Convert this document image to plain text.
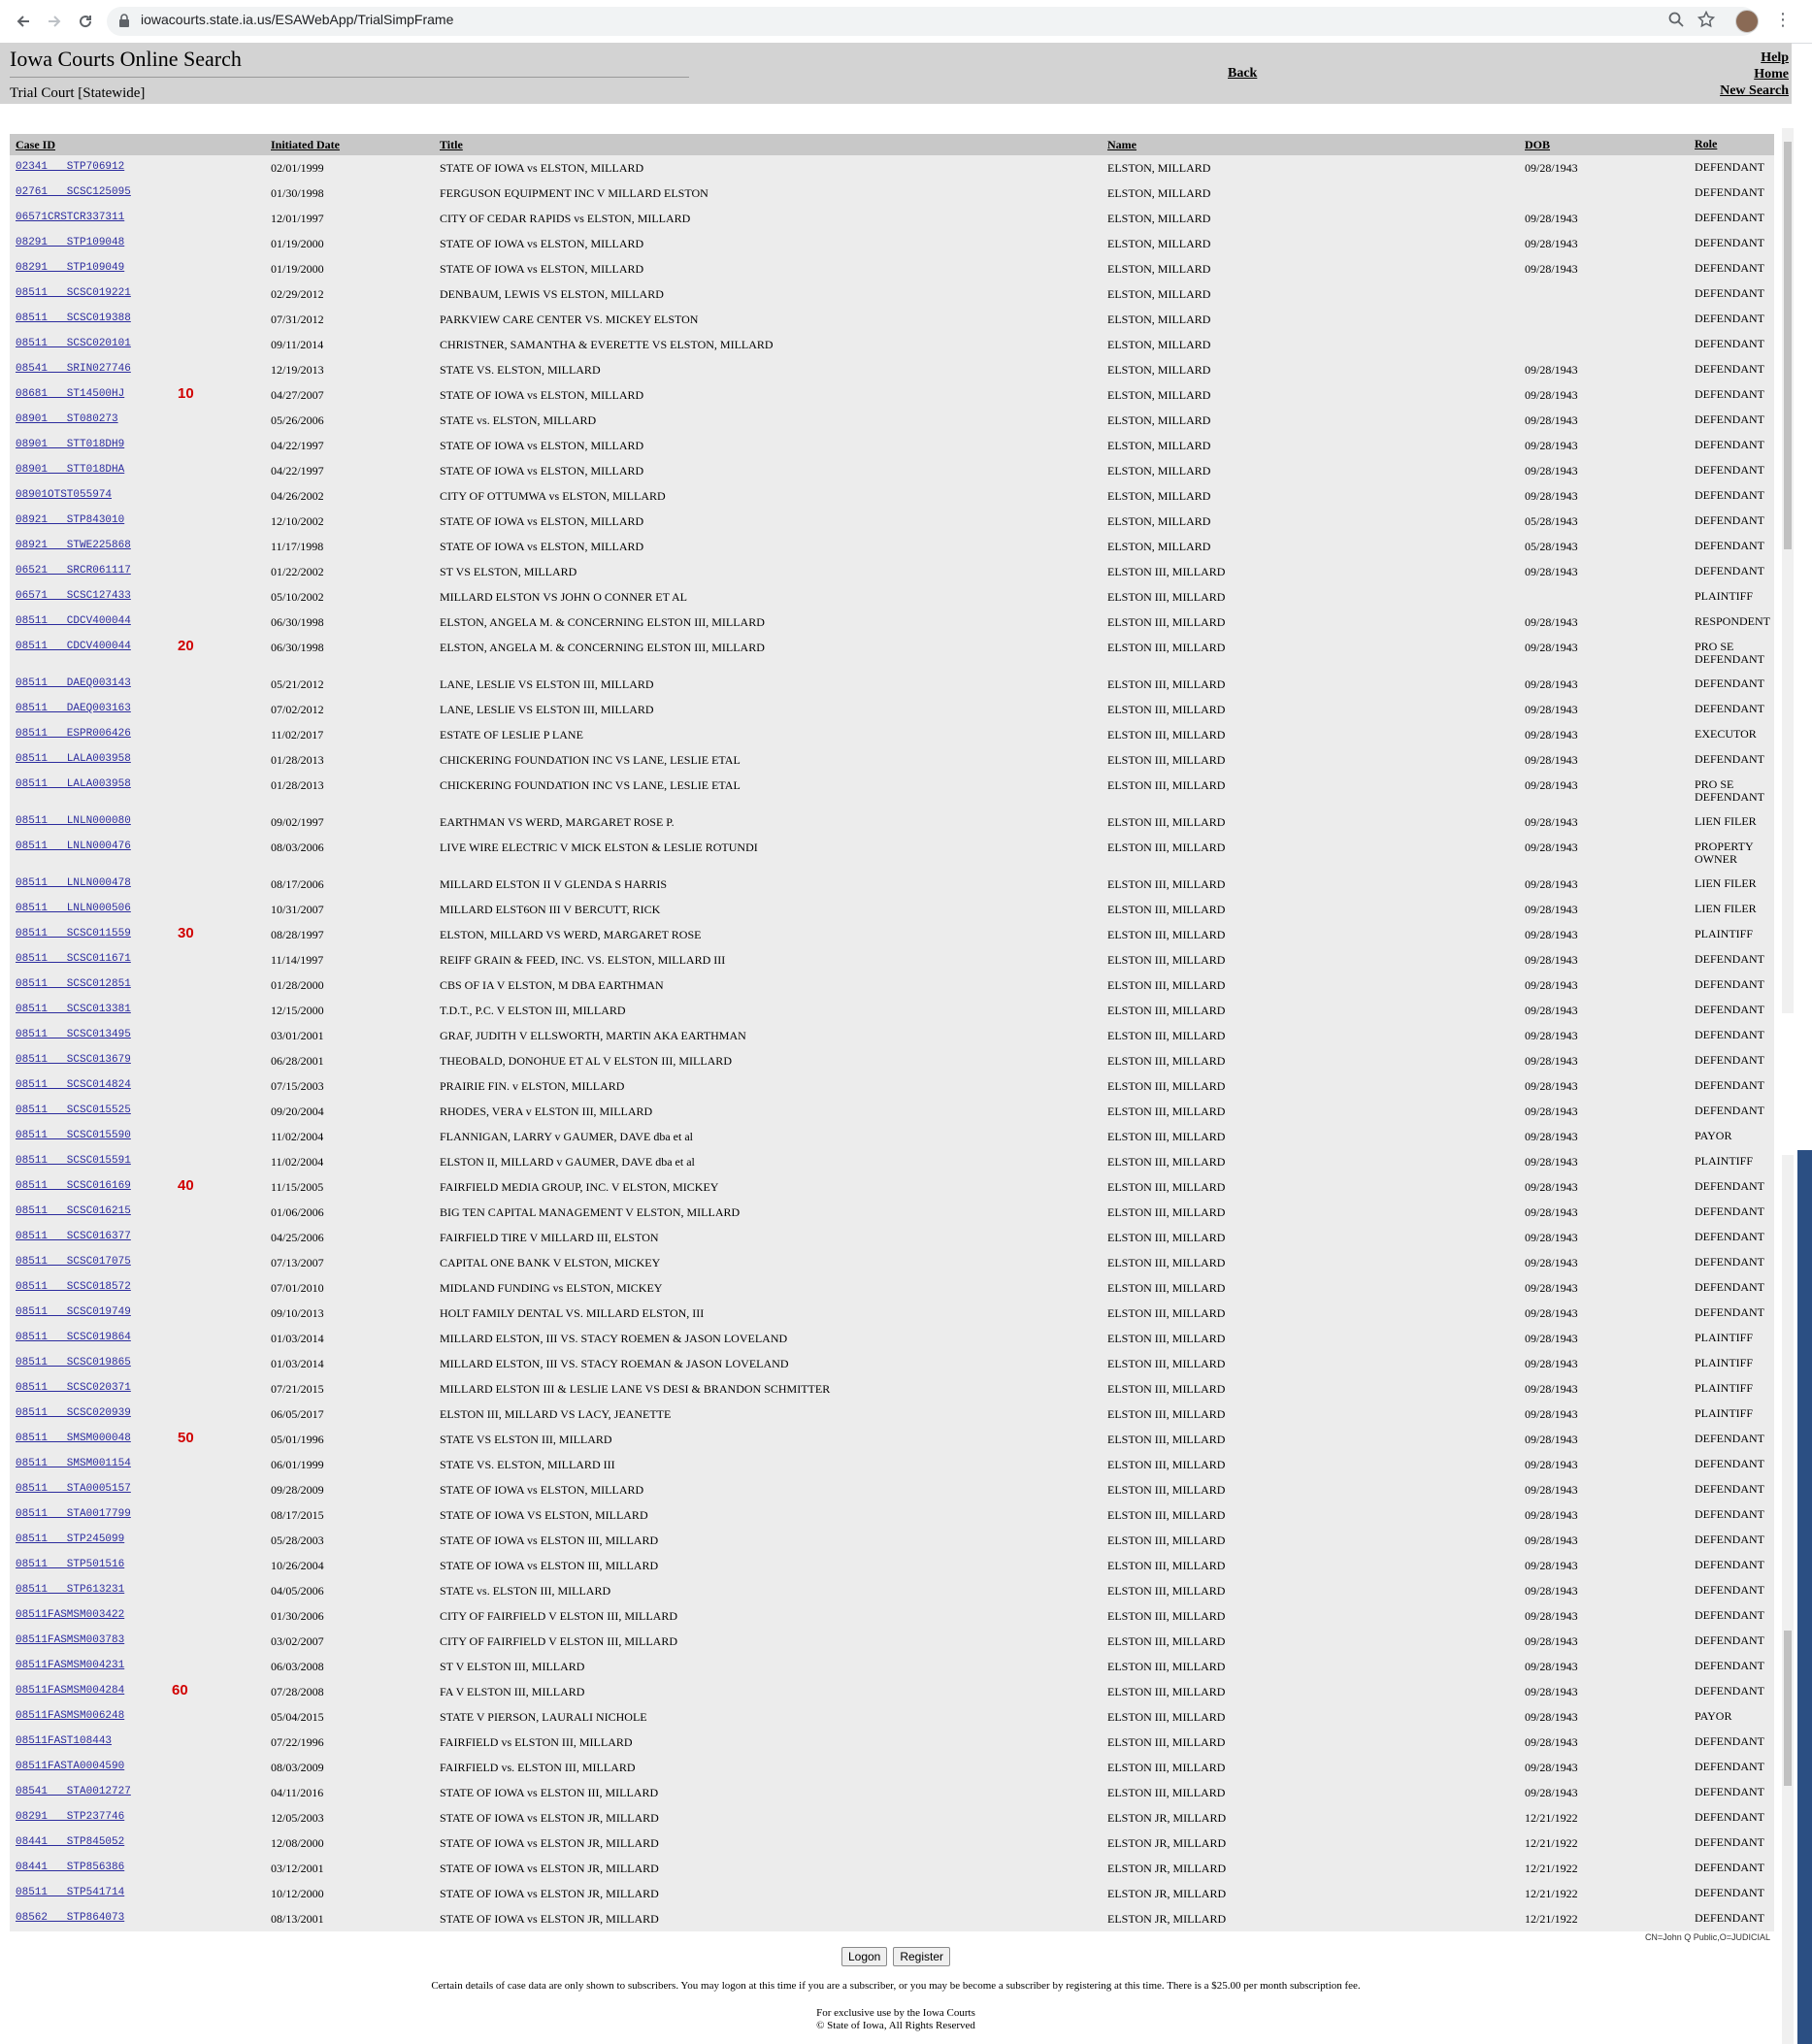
iowacourts.state.ia.us/ESAWebApp/TrialSimpFrame	⋮
Iowa Courts Online Search
Trial Court [Statewide]
Back
Help
Home
New Search
Case ID	Initiated Date	Title	Name	DOB	Role
02341   STP706912	02/01/1999	STATE OF IOWA vs ELSTON, MILLARD	ELSTON, MILLARD	09/28/1943	DEFENDANT
02761   SCSC125095	01/30/1998	FERGUSON EQUIPMENT INC V MILLARD ELSTON	ELSTON, MILLARD	DEFENDANT
06571CRSTCR337311	12/01/1997	CITY OF CEDAR RAPIDS vs ELSTON, MILLARD	ELSTON, MILLARD	09/28/1943	DEFENDANT
08291   STP109048	01/19/2000	STATE OF IOWA vs ELSTON, MILLARD	ELSTON, MILLARD	09/28/1943	DEFENDANT
08291   STP109049	01/19/2000	STATE OF IOWA vs ELSTON, MILLARD	ELSTON, MILLARD	09/28/1943	DEFENDANT
08511   SCSC019221	02/29/2012	DENBAUM, LEWIS VS ELSTON, MILLARD	ELSTON, MILLARD	DEFENDANT
08511   SCSC019388	07/31/2012	PARKVIEW CARE CENTER VS. MICKEY ELSTON	ELSTON, MILLARD	DEFENDANT
08511   SCSC020101	09/11/2014	CHRISTNER, SAMANTHA & EVERETTE VS ELSTON, MILLARD	ELSTON, MILLARD	DEFENDANT
08541   SRIN027746	12/19/2013	STATE VS. ELSTON, MILLARD	ELSTON, MILLARD	09/28/1943	DEFENDANT
08681   ST14500HJ	04/27/2007	STATE OF IOWA vs ELSTON, MILLARD	ELSTON, MILLARD	09/28/1943	DEFENDANT
10
08901   ST080273	05/26/2006	STATE vs. ELSTON, MILLARD	ELSTON, MILLARD	09/28/1943	DEFENDANT
08901   STT018DH9	04/22/1997	STATE OF IOWA vs ELSTON, MILLARD	ELSTON, MILLARD	09/28/1943	DEFENDANT
08901   STT018DHA	04/22/1997	STATE OF IOWA vs ELSTON, MILLARD	ELSTON, MILLARD	09/28/1943	DEFENDANT
08901OTST055974	04/26/2002	CITY OF OTTUMWA vs ELSTON, MILLARD	ELSTON, MILLARD	09/28/1943	DEFENDANT
08921   STP843010	12/10/2002	STATE OF IOWA vs ELSTON, MILLARD	ELSTON, MILLARD	05/28/1943	DEFENDANT
08921   STWE225868	11/17/1998	STATE OF IOWA vs ELSTON, MILLARD	ELSTON, MILLARD	05/28/1943	DEFENDANT
06521   SRCR061117	01/22/2002	ST VS ELSTON, MILLARD	ELSTON III, MILLARD	09/28/1943	DEFENDANT
06571   SCSC127433	05/10/2002	MILLARD ELSTON VS JOHN O CONNER ET AL	ELSTON III, MILLARD	PLAINTIFF
08511   CDCV400044	06/30/1998	ELSTON, ANGELA M. & CONCERNING ELSTON III, MILLARD	ELSTON III, MILLARD	09/28/1943	RESPONDENT
08511   CDCV400044	06/30/1998	ELSTON, ANGELA M. & CONCERNING ELSTON III, MILLARD	ELSTON III, MILLARD	09/28/1943	PRO SE
DEFENDANT
20
08511   DAEQ003143	05/21/2012	LANE, LESLIE VS ELSTON III, MILLARD	ELSTON III, MILLARD	09/28/1943	DEFENDANT
08511   DAEQ003163	07/02/2012	LANE, LESLIE VS ELSTON III, MILLARD	ELSTON III, MILLARD	09/28/1943	DEFENDANT
08511   ESPR006426	11/02/2017	ESTATE OF LESLIE P LANE	ELSTON III, MILLARD	09/28/1943	EXECUTOR
08511   LALA003958	01/28/2013	CHICKERING FOUNDATION INC VS LANE, LESLIE ETAL	ELSTON III, MILLARD	09/28/1943	DEFENDANT
08511   LALA003958	01/28/2013	CHICKERING FOUNDATION INC VS LANE, LESLIE ETAL	ELSTON III, MILLARD	09/28/1943	PRO SE
DEFENDANT
08511   LNLN000080	09/02/1997	EARTHMAN VS WERD, MARGARET ROSE P.	ELSTON III, MILLARD	09/28/1943	LIEN FILER
08511   LNLN000476	08/03/2006	LIVE WIRE ELECTRIC V MICK ELSTON & LESLIE ROTUNDI	ELSTON III, MILLARD	09/28/1943	PROPERTY
OWNER
08511   LNLN000478	08/17/2006	MILLARD ELSTON II V GLENDA S HARRIS	ELSTON III, MILLARD	09/28/1943	LIEN FILER
08511   LNLN000506	10/31/2007	MILLARD ELST6ON III V BERCUTT, RICK	ELSTON III, MILLARD	09/28/1943	LIEN FILER
08511   SCSC011559	08/28/1997	ELSTON, MILLARD VS WERD, MARGARET ROSE	ELSTON III, MILLARD	09/28/1943	PLAINTIFF
30
08511   SCSC011671	11/14/1997	REIFF GRAIN & FEED, INC. VS. ELSTON, MILLARD III	ELSTON III, MILLARD	09/28/1943	DEFENDANT
08511   SCSC012851	01/28/2000	CBS OF IA V ELSTON, M DBA EARTHMAN	ELSTON III, MILLARD	09/28/1943	DEFENDANT
08511   SCSC013381	12/15/2000	T.D.T., P.C. V ELSTON III, MILLARD	ELSTON III, MILLARD	09/28/1943	DEFENDANT
08511   SCSC013495	03/01/2001	GRAF, JUDITH V ELLSWORTH, MARTIN AKA EARTHMAN	ELSTON III, MILLARD	09/28/1943	DEFENDANT
08511   SCSC013679	06/28/2001	THEOBALD, DONOHUE ET AL V ELSTON III, MILLARD	ELSTON III, MILLARD	09/28/1943	DEFENDANT
08511   SCSC014824	07/15/2003	PRAIRIE FIN. v ELSTON, MILLARD	ELSTON III, MILLARD	09/28/1943	DEFENDANT
08511   SCSC015525	09/20/2004	RHODES, VERA v ELSTON III, MILLARD	ELSTON III, MILLARD	09/28/1943	DEFENDANT
08511   SCSC015590	11/02/2004	FLANNIGAN, LARRY v GAUMER, DAVE dba et al	ELSTON III, MILLARD	09/28/1943	PAYOR
08511   SCSC015591	11/02/2004	ELSTON II, MILLARD v GAUMER, DAVE dba et al	ELSTON III, MILLARD	09/28/1943	PLAINTIFF
08511   SCSC016169	11/15/2005	FAIRFIELD MEDIA GROUP, INC. V ELSTON, MICKEY	ELSTON III, MILLARD	09/28/1943	DEFENDANT
40
08511   SCSC016215	01/06/2006	BIG TEN CAPITAL MANAGEMENT V ELSTON, MILLARD	ELSTON III, MILLARD	09/28/1943	DEFENDANT
08511   SCSC016377	04/25/2006	FAIRFIELD TIRE V MILLARD III, ELSTON	ELSTON III, MILLARD	09/28/1943	DEFENDANT
08511   SCSC017075	07/13/2007	CAPITAL ONE BANK V ELSTON, MICKEY	ELSTON III, MILLARD	09/28/1943	DEFENDANT
08511   SCSC018572	07/01/2010	MIDLAND FUNDING vs ELSTON, MICKEY	ELSTON III, MILLARD	09/28/1943	DEFENDANT
08511   SCSC019749	09/10/2013	HOLT FAMILY DENTAL VS. MILLARD ELSTON, III	ELSTON III, MILLARD	09/28/1943	DEFENDANT
08511   SCSC019864	01/03/2014	MILLARD ELSTON, III VS. STACY ROEMEN & JASON LOVELAND	ELSTON III, MILLARD	09/28/1943	PLAINTIFF
08511   SCSC019865	01/03/2014	MILLARD ELSTON, III VS. STACY ROEMAN & JASON LOVELAND	ELSTON III, MILLARD	09/28/1943	PLAINTIFF
08511   SCSC020371	07/21/2015	MILLARD ELSTON III & LESLIE LANE VS DESI & BRANDON SCHMITTER	ELSTON III, MILLARD	09/28/1943	PLAINTIFF
08511   SCSC020939	06/05/2017	ELSTON III, MILLARD VS LACY, JEANETTE	ELSTON III, MILLARD	09/28/1943	PLAINTIFF
08511   SMSM000048	05/01/1996	STATE VS ELSTON III, MILLARD	ELSTON III, MILLARD	09/28/1943	DEFENDANT
50
08511   SMSM001154	06/01/1999	STATE VS. ELSTON, MILLARD III	ELSTON III, MILLARD	09/28/1943	DEFENDANT
08511   STA0005157	09/28/2009	STATE OF IOWA vs ELSTON, MILLARD	ELSTON III, MILLARD	09/28/1943	DEFENDANT
08511   STA0017799	08/17/2015	STATE OF IOWA VS ELSTON, MILLARD	ELSTON III, MILLARD	09/28/1943	DEFENDANT
08511   STP245099	05/28/2003	STATE OF IOWA vs ELSTON III, MILLARD	ELSTON III, MILLARD	09/28/1943	DEFENDANT
08511   STP501516	10/26/2004	STATE OF IOWA vs ELSTON III, MILLARD	ELSTON III, MILLARD	09/28/1943	DEFENDANT
08511   STP613231	04/05/2006	STATE vs. ELSTON III, MILLARD	ELSTON III, MILLARD	09/28/1943	DEFENDANT
08511FASMSM003422	01/30/2006	CITY OF FAIRFIELD V ELSTON III, MILLARD	ELSTON III, MILLARD	09/28/1943	DEFENDANT
08511FASMSM003783	03/02/2007	CITY OF FAIRFIELD V ELSTON III, MILLARD	ELSTON III, MILLARD	09/28/1943	DEFENDANT
08511FASMSM004231	06/03/2008	ST V ELSTON III, MILLARD	ELSTON III, MILLARD	09/28/1943	DEFENDANT
08511FASMSM004284	07/28/2008	FA V ELSTON III, MILLARD	ELSTON III, MILLARD	09/28/1943	DEFENDANT
60
08511FASMSM006248	05/04/2015	STATE V PIERSON, LAURALI NICHOLE	ELSTON III, MILLARD	09/28/1943	PAYOR
08511FAST108443	07/22/1996	FAIRFIELD vs ELSTON III, MILLARD	ELSTON III, MILLARD	09/28/1943	DEFENDANT
08511FASTA0004590	08/03/2009	FAIRFIELD vs. ELSTON III, MILLARD	ELSTON III, MILLARD	09/28/1943	DEFENDANT
08541   STA0012727	04/11/2016	STATE OF IOWA vs ELSTON III, MILLARD	ELSTON III, MILLARD	09/28/1943	DEFENDANT
08291   STP237746	12/05/2003	STATE OF IOWA vs ELSTON JR, MILLARD	ELSTON JR, MILLARD	12/21/1922	DEFENDANT
08441   STP845052	12/08/2000	STATE OF IOWA vs ELSTON JR, MILLARD	ELSTON JR, MILLARD	12/21/1922	DEFENDANT
08441   STP856386	03/12/2001	STATE OF IOWA vs ELSTON JR, MILLARD	ELSTON JR, MILLARD	12/21/1922	DEFENDANT
08511   STP541714	10/12/2000	STATE OF IOWA vs ELSTON JR, MILLARD	ELSTON JR, MILLARD	12/21/1922	DEFENDANT
08562   STP864073	08/13/2001	STATE OF IOWA vs ELSTON JR, MILLARD	ELSTON JR, MILLARD	12/21/1922	DEFENDANT
CN=John Q Public,O=JUDICIAL
Logon Register
Certain details of case data are only shown to subscribers. You may logon at this time if you are a subscriber, or you may be become a subscriber by registering at this time. There is a $25.00 per month subscription fee.
For exclusive use by the Iowa Courts
© State of Iowa, All Rights Reserved
